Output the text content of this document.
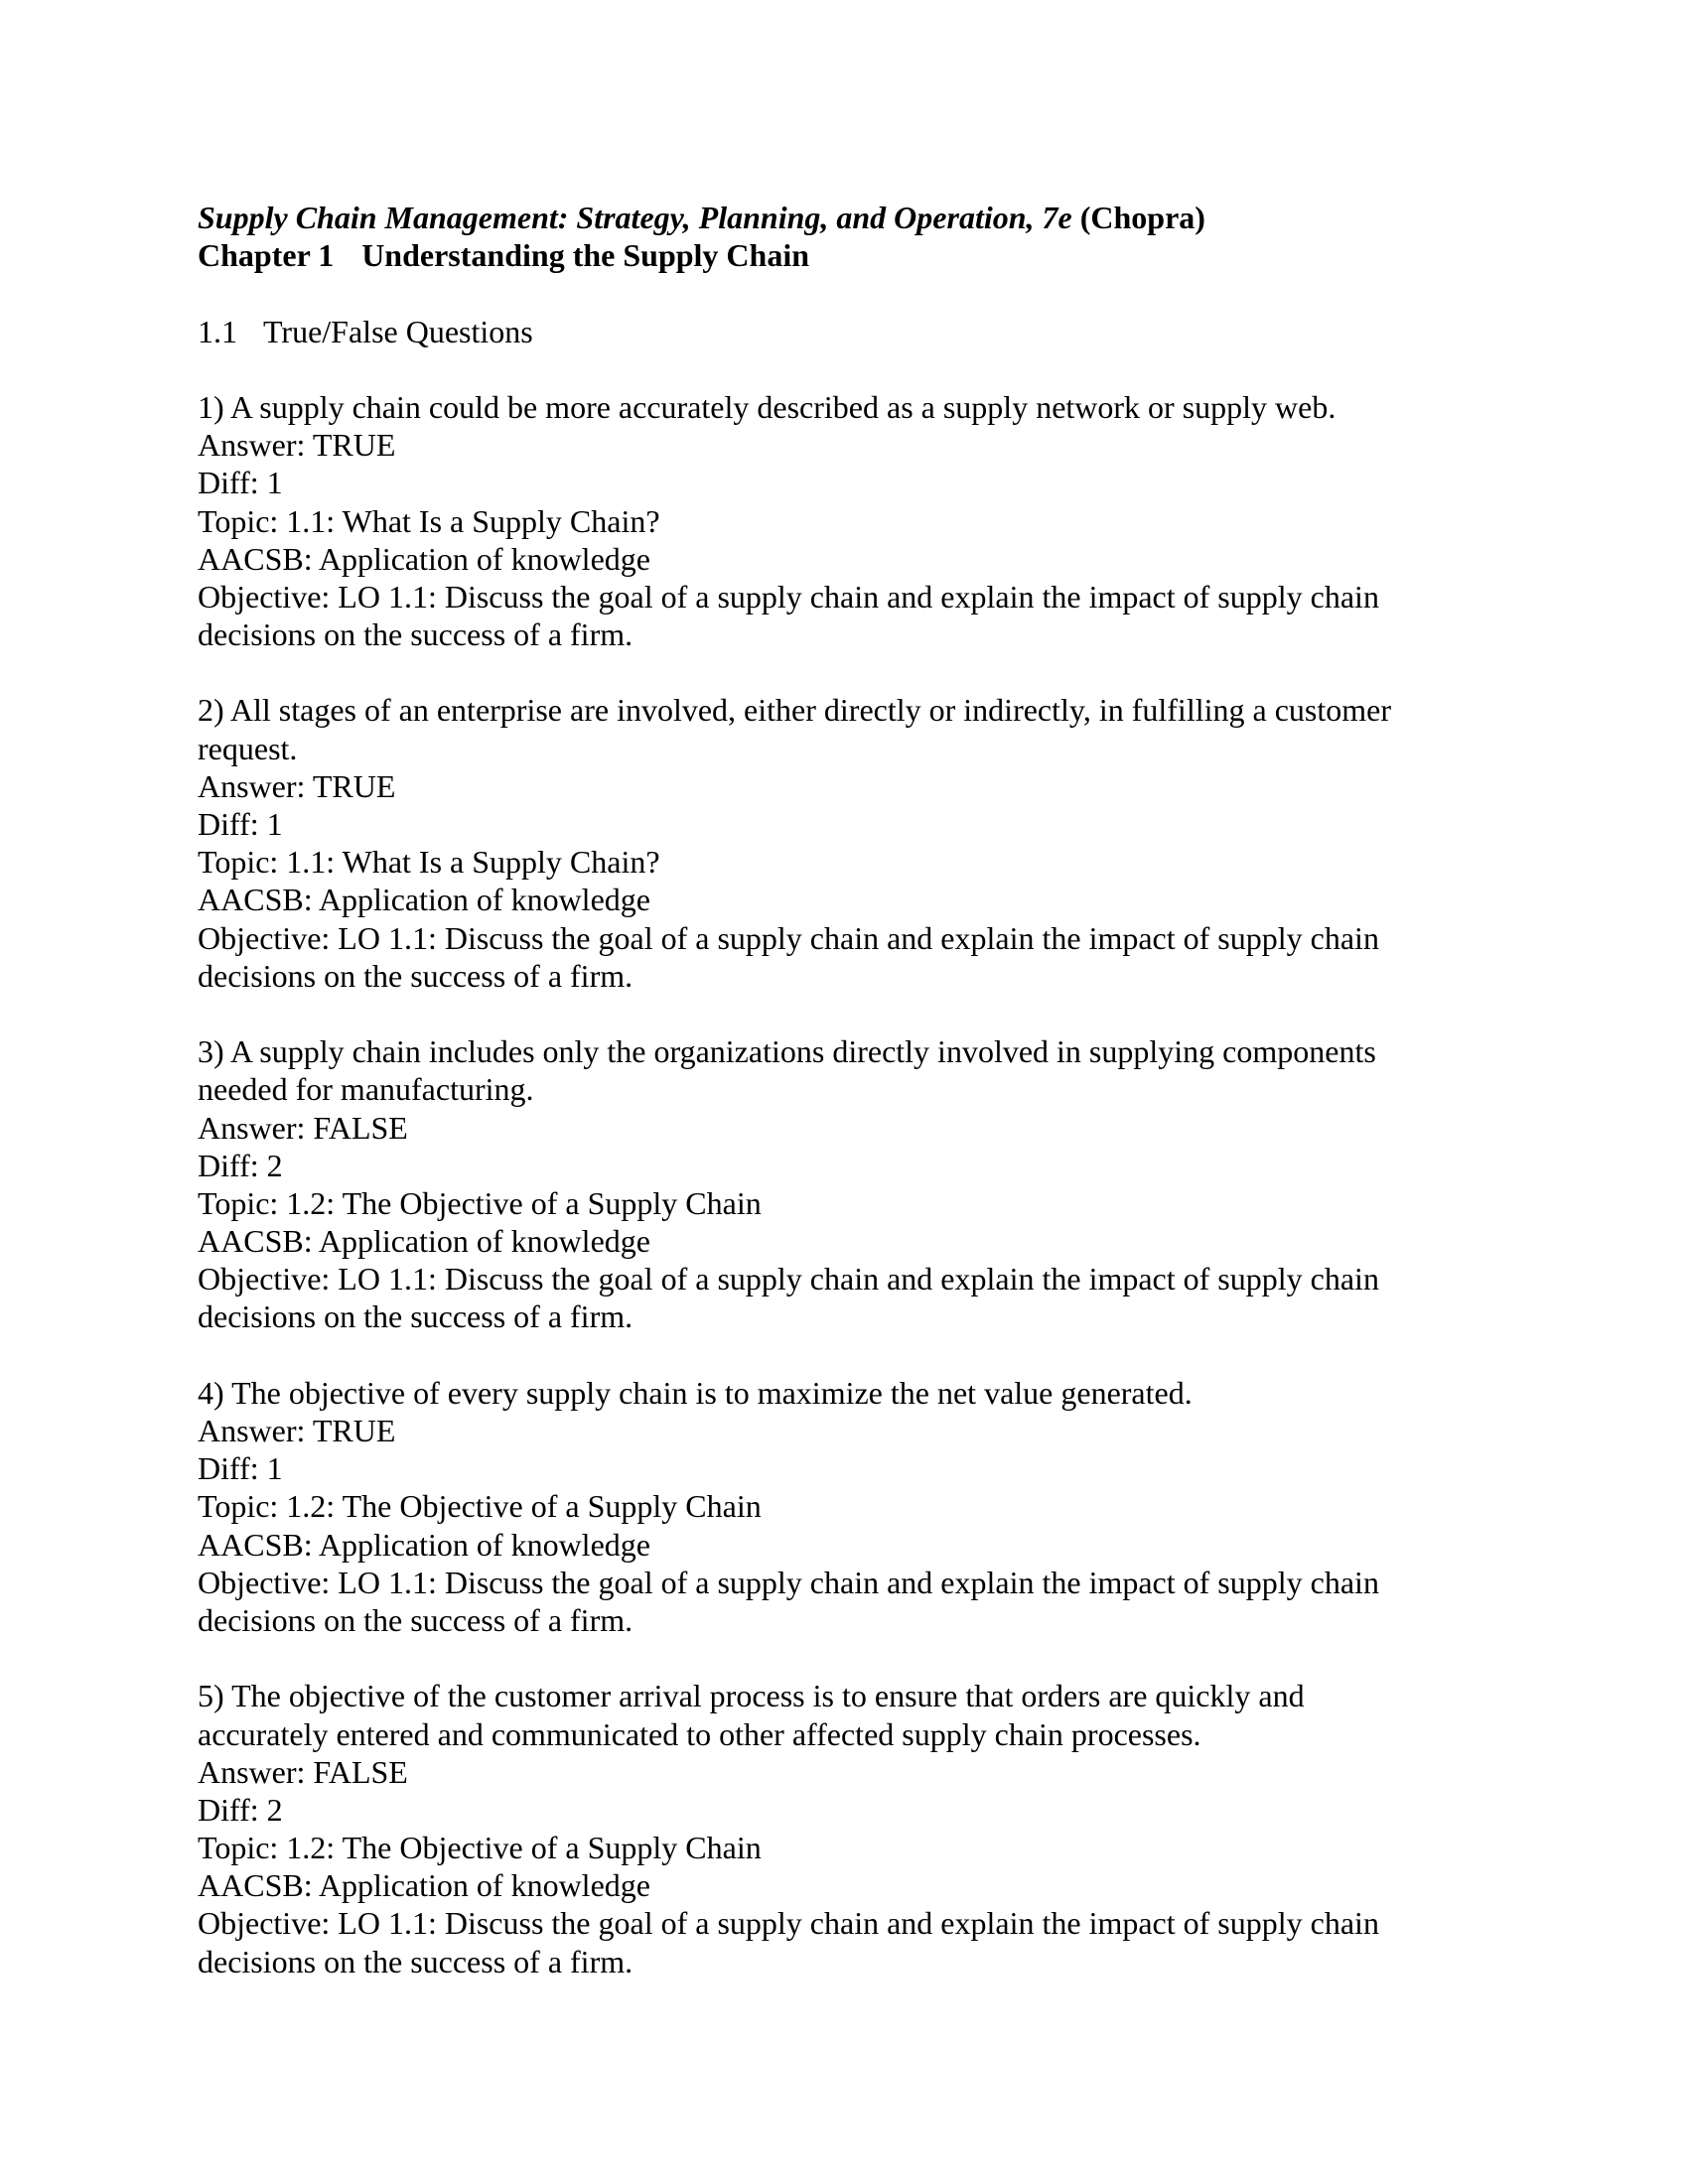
Supply Chain Management: Strategy, Planning, and Operation, 7e (Chopra)
Chapter 1 Understanding the Supply Chain
1.1 True/False Questions
1) A supply chain could be more accurately described as a supply network or supply web.
Answer: TRUE
Diff: 1
Topic: 1.1: What Is a Supply Chain?
AACSB: Application of knowledge
Objective: LO 1.1: Discuss the goal of a supply chain and explain the impact of supply chain
decisions on the success of a firm.
2) All stages of an enterprise are involved, either directly or indirectly, in fulfilling a customer
request.
Answer: TRUE
Diff: 1
Topic: 1.1: What Is a Supply Chain?
AACSB: Application of knowledge
Objective: LO 1.1: Discuss the goal of a supply chain and explain the impact of supply chain
decisions on the success of a firm.
3) A supply chain includes only the organizations directly involved in supplying components
needed for manufacturing.
Answer: FALSE
Diff: 2
Topic: 1.2: The Objective of a Supply Chain
AACSB: Application of knowledge
Objective: LO 1.1: Discuss the goal of a supply chain and explain the impact of supply chain
decisions on the success of a firm.
4) The objective of every supply chain is to maximize the net value generated.
Answer: TRUE
Diff: 1
Topic: 1.2: The Objective of a Supply Chain
AACSB: Application of knowledge
Objective: LO 1.1: Discuss the goal of a supply chain and explain the impact of supply chain
decisions on the success of a firm.
5) The objective of the customer arrival process is to ensure that orders are quickly and
accurately entered and communicated to other affected supply chain processes.
Answer: FALSE
Diff: 2
Topic: 1.2: The Objective of a Supply Chain
AACSB: Application of knowledge
Objective: LO 1.1: Discuss the goal of a supply chain and explain the impact of supply chain
decisions on the success of a firm.
